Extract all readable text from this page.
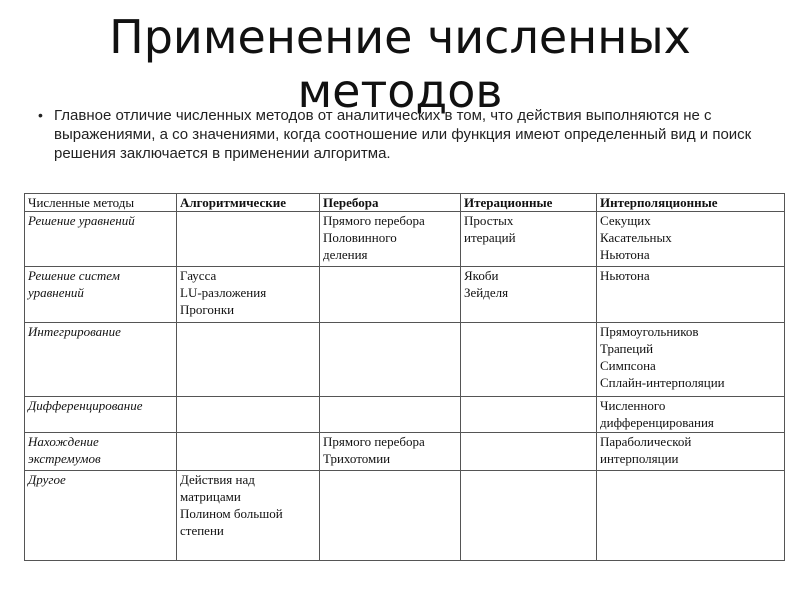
Применение численных
методов
• Главное отличие численных методов от аналитических в том, что действия выполняются не с выражениями, а со значениями, когда соотношение или функция имеют определенный вид и поиск решения заключается в применении алгоритма.
Численные методы	Алгоритмические	Перебора	Итерационные	Интерполяционные

Решение уравнений		Прямого перебора
Половинного
деления	Простых
итераций	Секущих
Касательных
Ньютона

Решение систем
уравнений	Гаусса
LU-разложения
Прогонки		Якоби
Зейделя	Ньютона

Интегрирование				Прямоугольников
Трапеций
Симпсона
Сплайн-интерполяции

Дифференцирование				Численного
дифференцирования

Нахождение
экстремумов		Прямого перебора
Трихотомии		Параболической
интерполяции

Другое	Действия над
матрицами
Полином большой
степени			
